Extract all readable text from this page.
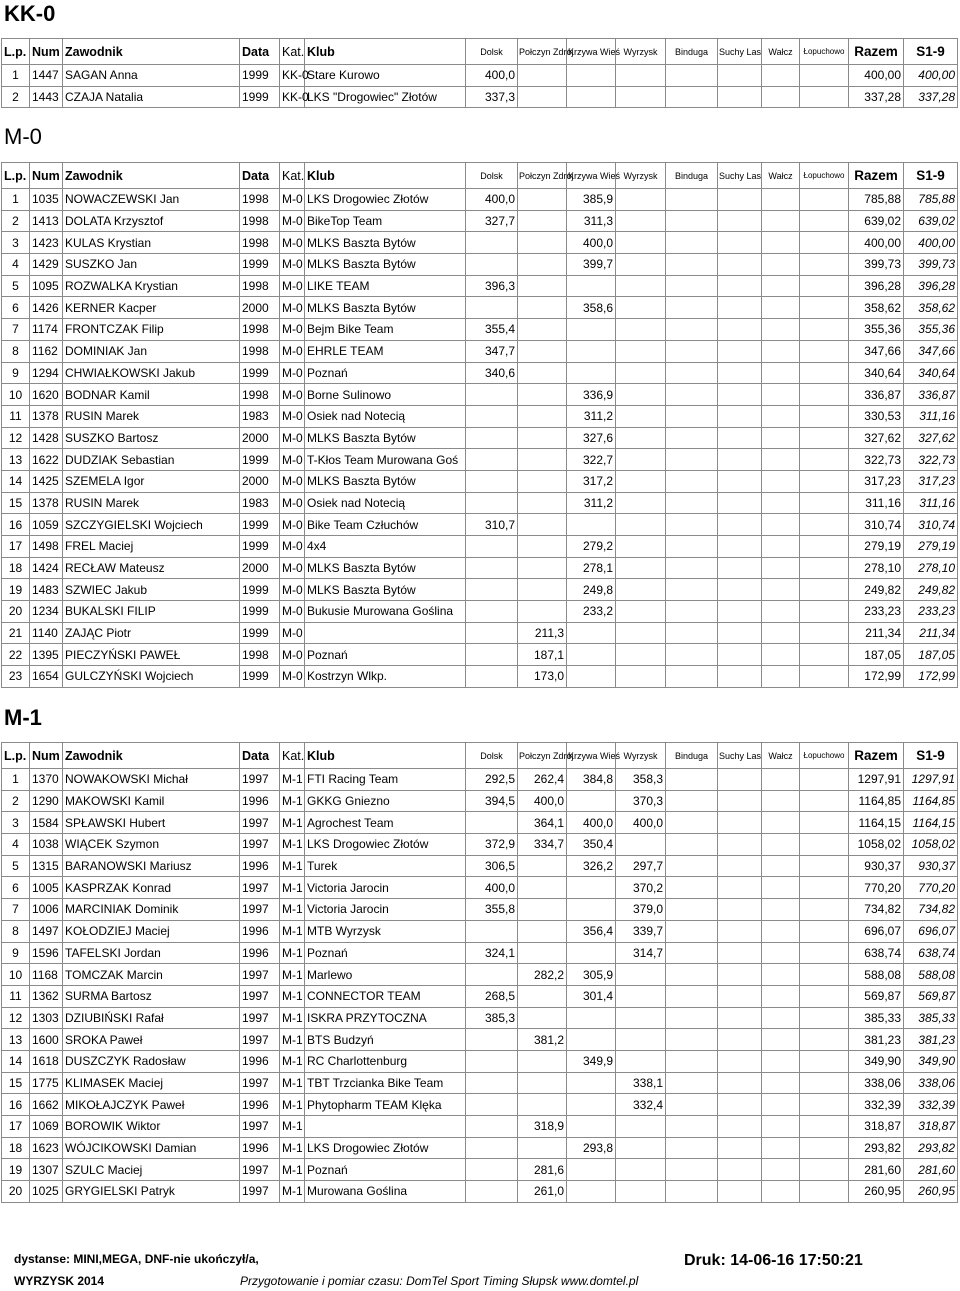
KK-0
L.p.	Num	Zawodnik	Data	Kat.	Klub	Dolsk	Połczyn Zdrój	Krzywa Wieś	Wyrzysk	Binduga	Suchy Las	Wałcz	Łopuchowo	Razem	S1-9
1	1447	SAGAN Anna	1999	KK-0	Stare Kurowo	400,0								400,00	400,00
2	1443	CZAJA Natalia	1999	KK-0	LKS "Drogowiec" Złotów	337,3								337,28	337,28
M-0
L.p.	Num	Zawodnik	Data	Kat.	Klub	Dolsk	Połczyn Zdrój	Krzywa Wieś	Wyrzysk	Binduga	Suchy Las	Wałcz	Łopuchowo	Razem	S1-9
1	1035	NOWACZEWSKI Jan	1998	M-0	LKS Drogowiec Złotów	400,0		385,9						785,88	785,88
2	1413	DOLATA Krzysztof	1998	M-0	BikeTop Team	327,7		311,3						639,02	639,02
3	1423	KULAS Krystian	1998	M-0	MLKS Baszta Bytów			400,0						400,00	400,00
4	1429	SUSZKO Jan	1999	M-0	MLKS Baszta Bytów			399,7						399,73	399,73
5	1095	ROZWALKA Krystian	1998	M-0	LIKE TEAM	396,3								396,28	396,28
6	1426	KERNER Kacper	2000	M-0	MLKS Baszta Bytów			358,6						358,62	358,62
7	1174	FRONTCZAK Filip	1998	M-0	Bejm Bike Team	355,4								355,36	355,36
8	1162	DOMINIAK Jan	1998	M-0	EHRLE TEAM	347,7								347,66	347,66
9	1294	CHWIAŁKOWSKI Jakub	1999	M-0	Poznań	340,6								340,64	340,64
10	1620	BODNAR Kamil	1998	M-0	Borne Sulinowo			336,9						336,87	336,87
11	1378	RUSIN Marek	1983	M-0	Osiek nad Notecią			311,2						330,53	311,16
12	1428	SUSZKO Bartosz	2000	M-0	MLKS Baszta Bytów			327,6						327,62	327,62
13	1622	DUDZIAK Sebastian	1999	M-0	T-Kłos Team Murowana Goś			322,7						322,73	322,73
14	1425	SZEMELA Igor	2000	M-0	MLKS Baszta Bytów			317,2						317,23	317,23
15	1378	RUSIN Marek	1983	M-0	Osiek nad Notecią			311,2						311,16	311,16
16	1059	SZCZYGIELSKI Wojciech	1999	M-0	Bike Team Człuchów	310,7								310,74	310,74
17	1498	FREL Maciej	1999	M-0	4x4			279,2						279,19	279,19
18	1424	RECŁAW Mateusz	2000	M-0	MLKS Baszta Bytów			278,1						278,10	278,10
19	1483	SZWIEC Jakub	1999	M-0	MLKS Baszta Bytów			249,8						249,82	249,82
20	1234	BUKALSKI FILIP	1999	M-0	Bukusie Murowana Goślina			233,2						233,23	233,23
21	1140	ZAJĄC Piotr	1999	M-0			211,3							211,34	211,34
22	1395	PIECZYŃSKI PAWEŁ	1998	M-0	Poznań		187,1							187,05	187,05
23	1654	GULCZYŃSKI Wojciech	1999	M-0	Kostrzyn Wlkp.		173,0							172,99	172,99
M-1
L.p.	Num	Zawodnik	Data	Kat.	Klub	Dolsk	Połczyn Zdrój	Krzywa Wieś	Wyrzysk	Binduga	Suchy Las	Wałcz	Łopuchowo	Razem	S1-9
1	1370	NOWAKOWSKI Michał	1997	M-1	FTI Racing Team	292,5	262,4	384,8	358,3					1297,91	1297,91
2	1290	MAKOWSKI Kamil	1996	M-1	GKKG Gniezno	394,5	400,0		370,3					1164,85	1164,85
3	1584	SPŁAWSKI Hubert	1997	M-1	Agrochest Team		364,1	400,0	400,0					1164,15	1164,15
4	1038	WIĄCEK Szymon	1997	M-1	LKS Drogowiec Złotów	372,9	334,7	350,4						1058,02	1058,02
5	1315	BARANOWSKI Mariusz	1996	M-1	Turek	306,5		326,2	297,7					930,37	930,37
6	1005	KASPRZAK Konrad	1997	M-1	Victoria Jarocin	400,0			370,2					770,20	770,20
7	1006	MARCINIAK Dominik	1997	M-1	Victoria Jarocin	355,8			379,0					734,82	734,82
8	1497	KOŁODZIEJ Maciej	1996	M-1	MTB Wyrzysk			356,4	339,7					696,07	696,07
9	1596	TAFELSKI Jordan	1996	M-1	Poznań	324,1			314,7					638,74	638,74
10	1168	TOMCZAK Marcin	1997	M-1	Marlewo		282,2	305,9						588,08	588,08
11	1362	SURMA Bartosz	1997	M-1	CONNECTOR TEAM	268,5		301,4						569,87	569,87
12	1303	DZIUBIŃSKI Rafał	1997	M-1	ISKRA PRZYTOCZNA	385,3								385,33	385,33
13	1600	SROKA Paweł	1997	M-1	BTS Budzyń		381,2							381,23	381,23
14	1618	DUSZCZYK Radosław	1996	M-1	RC Charlottenburg			349,9						349,90	349,90
15	1775	KLIMASEK Maciej	1997	M-1	TBT Trzcianka Bike Team				338,1					338,06	338,06
16	1662	MIKOŁAJCZYK Paweł	1996	M-1	Phytopharm TEAM Klęka				332,4					332,39	332,39
17	1069	BOROWIK Wiktor	1997	M-1			318,9							318,87	318,87
18	1623	WÓJCIKOWSKI Damian	1996	M-1	LKS Drogowiec Złotów			293,8						293,82	293,82
19	1307	SZULC Maciej	1997	M-1	Poznań		281,6							281,60	281,60
20	1025	GRYGIELSKI Patryk	1997	M-1	Murowana Goślina		261,0							260,95	260,95
dystanse: MINI,MEGA, DNF-nie ukończył/a,
WYRZYSK 2014	Przygotowanie i pomiar czasu: DomTel Sport Timing Słupsk www.domtel.pl
Druk: 14-06-16 17:50:21
